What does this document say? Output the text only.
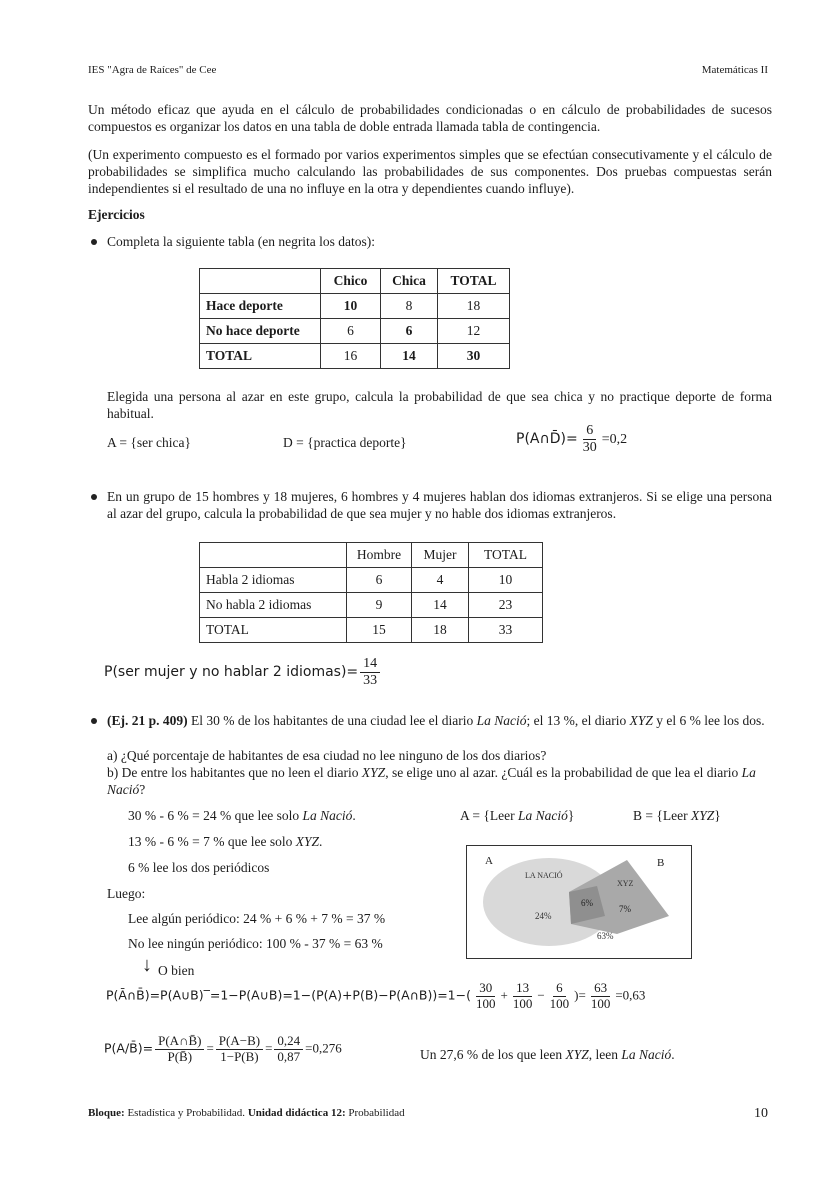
IES "Agra de Raíces" de Cee	Matemáticas II
Un método eficaz que ayuda en el cálculo de probabilidades condicionadas o en cálculo de probabilidades de sucesos compuestos es organizar los datos en una tabla de doble entrada llamada tabla de contingencia.
(Un experimento compuesto es el formado por varios experimentos simples que se efectúan consecutivamente y el cálculo de probabilidades se simplifica mucho calculando las probabilidades de sus componentes. Dos pruebas compuestas serán independientes si el resultado de una no influye en la otra y dependientes cuando influye).
Ejercicios
Completa la siguiente tabla (en negrita los datos):
	Chico	Chica	TOTAL
Hace deporte	10	8	18
No hace deporte	6	6	12
TOTAL	16	14	30
Elegida una persona al azar en este grupo, calcula la probabilidad de que sea chica y no practique deporte de forma habitual.
A = {ser chica}	D = {practica deporte}	P(A∩D̄)= $\frac{6}{30} =0,2$
En un grupo de 15 hombres y 18 mujeres, 6 hombres y 4 mujeres hablan dos idiomas extranjeros. Si se elige una persona al azar del grupo, calcula la probabilidad de que sea mujer y no hable dos idiomas extranjeros.
	Hombre	Mujer	TOTAL
Habla 2 idiomas	6	4	10
No habla 2 idiomas	9	14	23
TOTAL	15	18	33
P(ser mujer y no hablar 2 idiomas)= $\frac{14}{33}$
(Ej. 21 p. 409) El 30 % de los habitantes de una ciudad lee el diario La Nació; el 13 %, el diario XYZ y el 6 % lee los dos.
a) ¿Qué porcentaje de habitantes de esa ciudad no lee ninguno de los dos diarios?
b) De entre los habitantes que no leen el diario XYZ, se elige uno al azar. ¿Cuál es la probabilidad de que lea el diario La Nació?
30 % - 6 % = 24 % que lee solo La Nació.
13 % - 6 % = 7 % que lee solo XYZ.
6 % lee los dos periódicos
Luego:
Lee algún periódico: 24 % + 6 % + 7 % = 37 %
No lee ningún periódico: 100 % - 37 % = 63 %
A = {Leer La Nació}	B = {Leer XYZ}
A	B
LA NACIÓ
XYZ
24%
6%
7%
63%
↓ O bien
P(Ā∩B̄)=P(A∪B)‾=1−P(A∪B)=1−(P(A)+P(B)−P(A∩B))=1−( $\frac{30}{100} + \frac{13}{100} - \frac{6}{100}$ )= $\frac{63}{100} =0,63$
P(A/B̄)= $\frac{P(A\cap B̄)}{P(B̄)} = \frac{P(A-B)}{1-P(B)} = \frac{0,24}{0,87} =0,276$	Un 27,6 % de los que leen XYZ, leen La Nació.
Bloque: Estadística y Probabilidad. Unidad didáctica 12: Probabilidad	10
